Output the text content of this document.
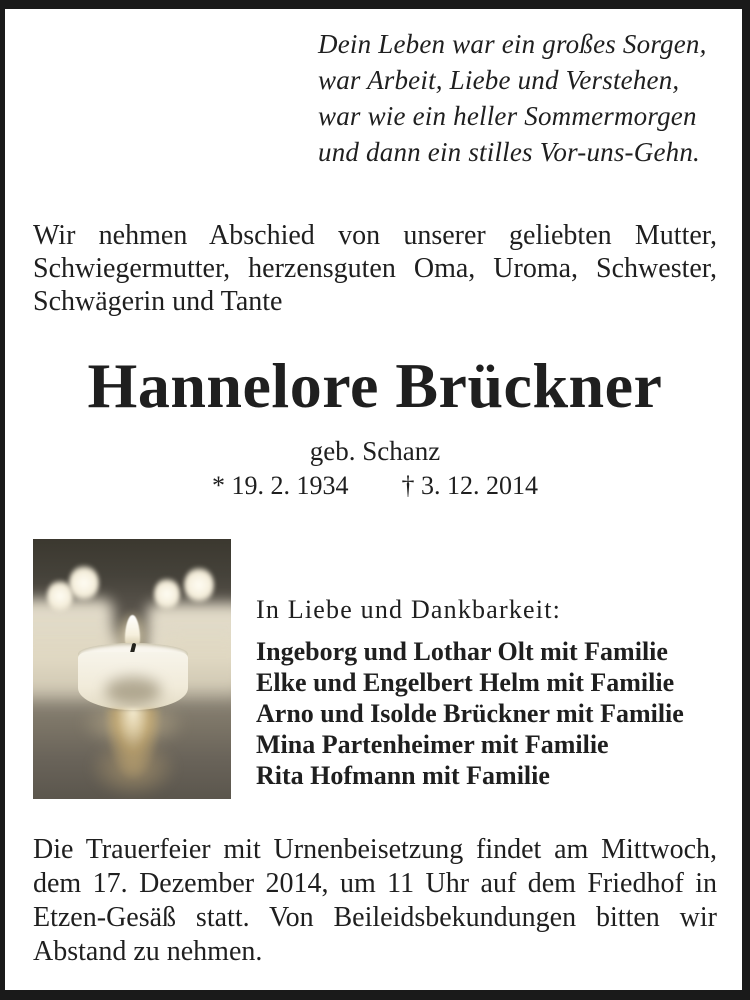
Dein Leben war ein großes Sorgen,
war Arbeit, Liebe und Verstehen,
war wie ein heller Sommermorgen
und dann ein stilles Vor-uns-Gehn.
Wir nehmen Abschied von unserer geliebten Mutter,
Schwiegermutter, herzensguten Oma, Uroma, Schwester,
Schwägerin und Tante
Hannelore Brückner
geb. Schanz
* 19. 2. 1934 † 3. 12. 2014
In Liebe und Dankbarkeit:
Ingeborg und Lothar Olt mit Familie
Elke und Engelbert Helm mit Familie
Arno und Isolde Brückner mit Familie
Mina Partenheimer mit Familie
Rita Hofmann mit Familie
Die Trauerfeier mit Urnenbeisetzung findet am Mittwoch,
dem 17. Dezember 2014, um 11 Uhr auf dem Friedhof in
Etzen-Gesäß statt. Von Beileidsbekundungen bitten wir
Abstand zu nehmen.
